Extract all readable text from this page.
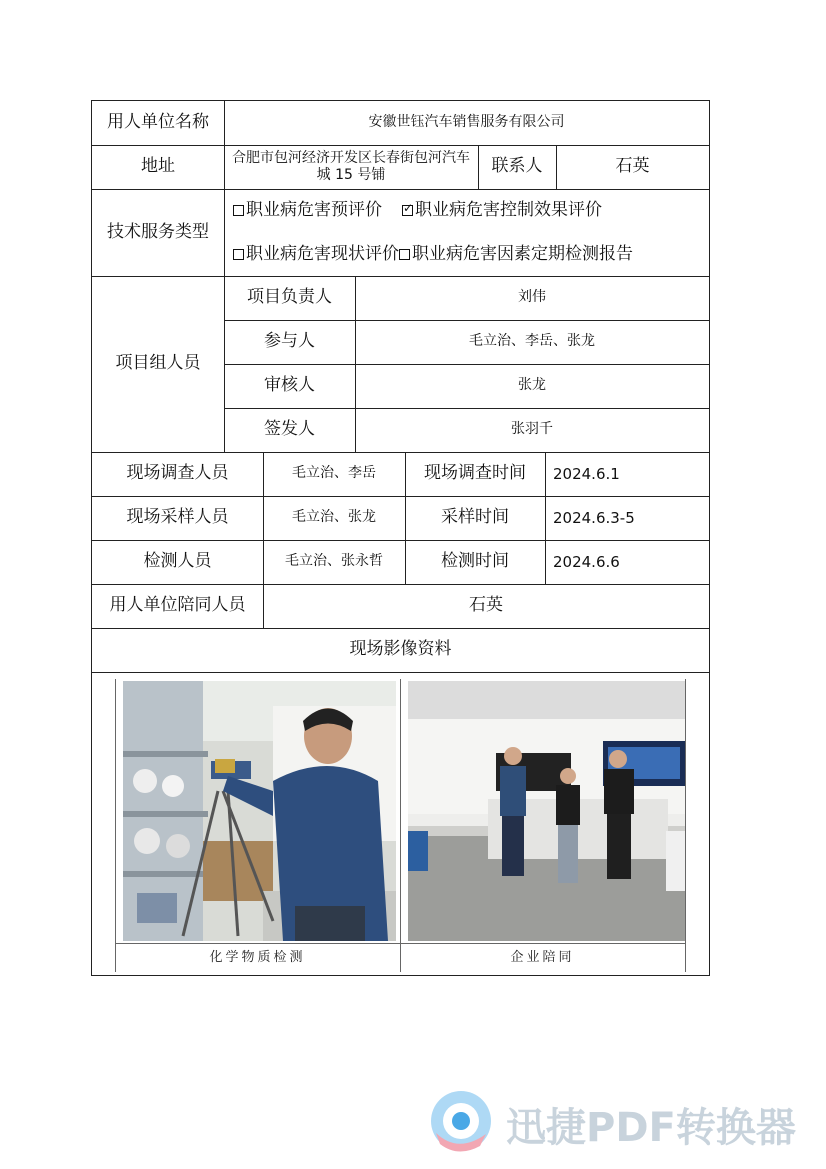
用人单位名称	安徽世钰汽车销售服务有限公司
地址	合肥市包河经济开发区长春街包河汽车城 15 号铺	联系人	石英
技术服务类型
职业病危害预评价
✓	职业病危害控制效果评价
职业病危害现状评价 职业病危害因素定期检测报告
项目组人员
项目负责人	刘伟
参与人	毛立治、李岳、张龙
审核人	张龙
签发人	张羽千
现场调查人员	毛立治、李岳	现场调查时间	2024.6.1
现场采样人员	毛立治、张龙	采样时间	2024.6.3-5
检测人员	毛立治、张永哲	检测时间	2024.6.6
用人单位陪同人员	石英
现场影像资料
化学物质检测	企业陪同
迅捷PDF转换器
